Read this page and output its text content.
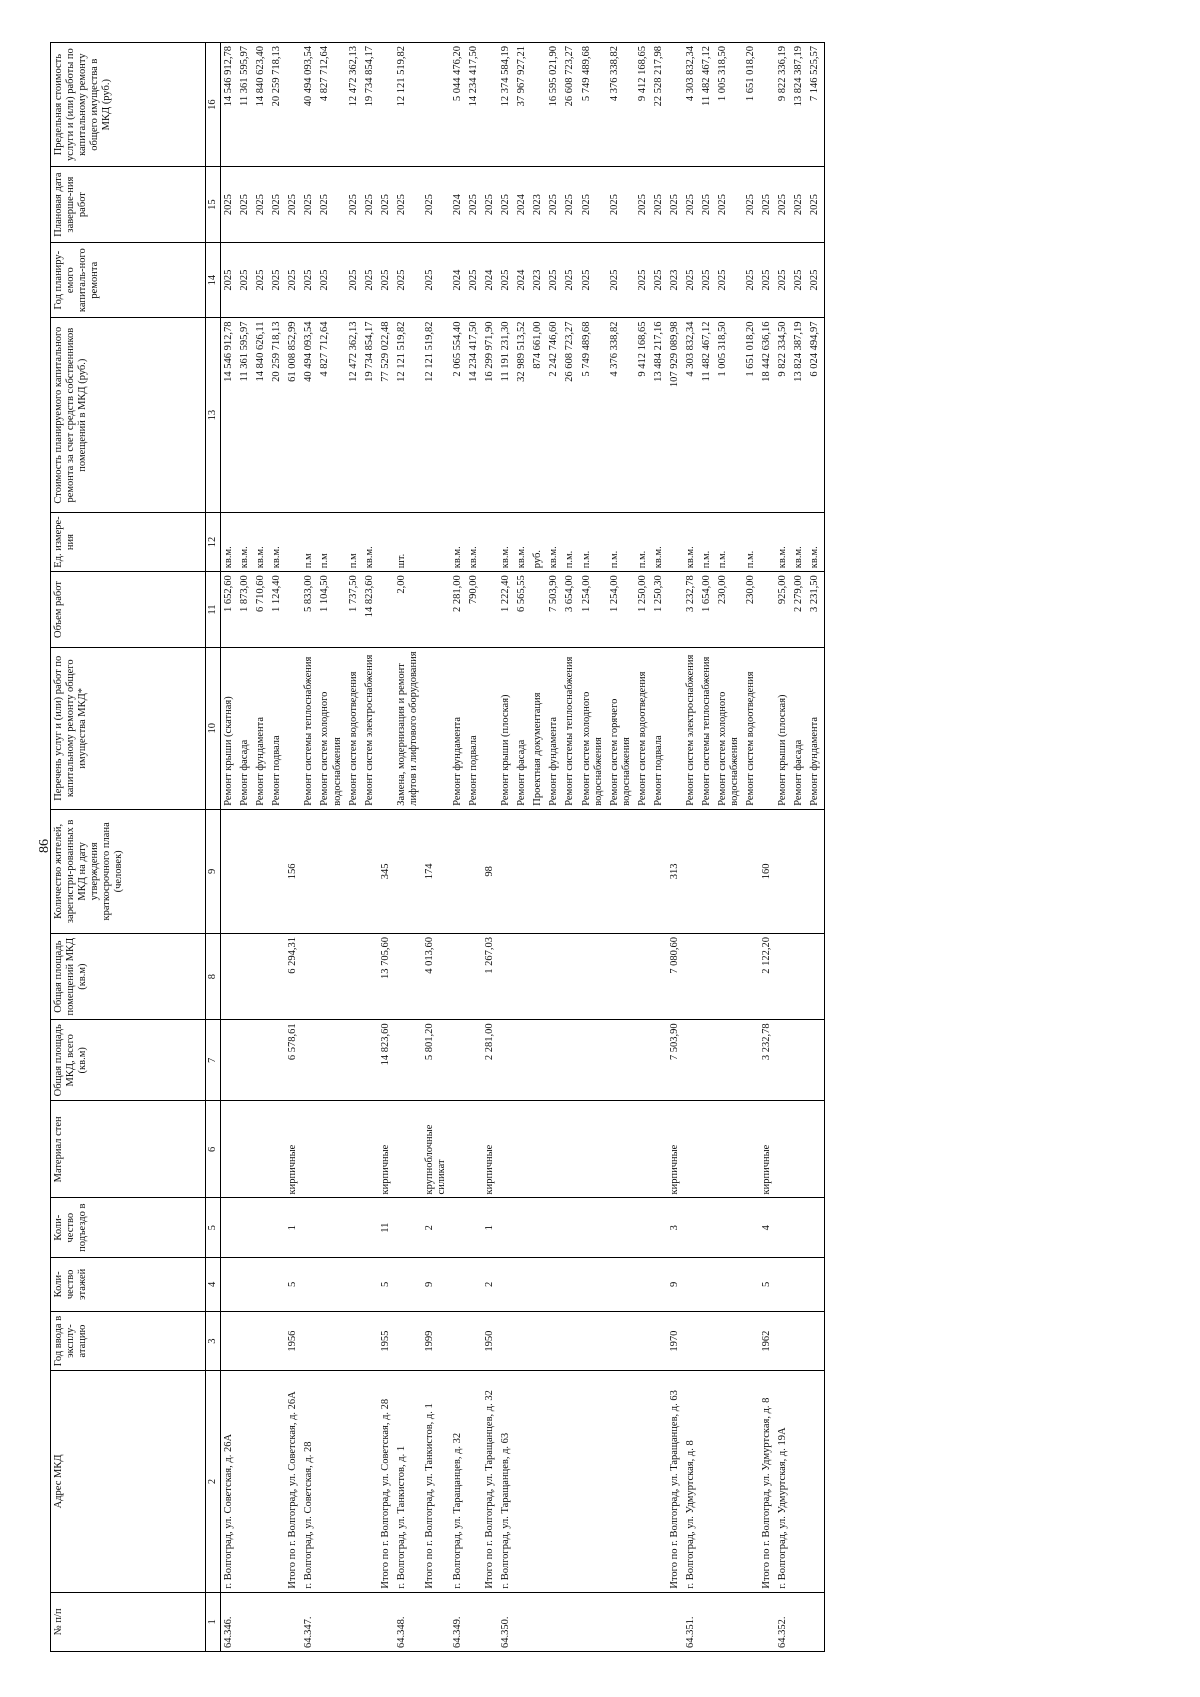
86
№ п/п	Адрес МКД	Год ввода в эксплу-атацию	Коли-чество этажей	Коли-чество подъездо в	Материал стен	Общая площадь МКД, всего (кв.м)	Общая площадь помещений МКД (кв.м)	Количество жителей, зарегистри-рованных в МКД на дату утверждения краткосрочного плана (человек)	Перечень услуг и (или) работ по капитальному ремонту общего имущества МКД*	Объем работ	Ед. измере-ния	Стоимость планируемого капитального ремонта за счет средств собственников помещений в МКД (руб.)	Год планиру-емого капиталь-ного ремонта	Плановая дата заверше-ния работ	Предельная стоимость услуги и (или) работы по капитальному ремонту общего имущества в МКД (руб.)
1	2	3	4	5	6	7	8	9	10	11	12	13	14	15	16
64.346.	г. Волгоград, ул. Советская, д. 26А								Ремонт крыши (скатная)	1 652,60	кв.м.	14 546 912,78	2025	2025	14 546 912,78
									Ремонт фасада	1 873,00	кв.м.	11 361 595,97	2025	2025	11 361 595,97
									Ремонт фундамента	6 710,60	кв.м.	14 840 626,11	2025	2025	14 840 623,40
									Ремонт подвала	1 124,40	кв.м.	20 259 718,13	2025	2025	20 259 718,13
	Итого по г. Волгоград, ул. Советская, д. 26А	1956	5	1	кирпичные	6 578,61	6 294,31	156				61 008 852,99	2025	2025	
64.347.	г. Волгоград, ул. Советская, д. 28								Ремонт системы теплоснабжения	5 833,00	п.м	40 494 093,54	2025	2025	40 494 093,54
									Ремонт систем холодного водоснабжения	1 104,50	п.м	4 827 712,64	2025	2025	4 827 712,64
									Ремонт систем водоотведения	1 737,50	п.м	12 472 362,13	2025	2025	12 472 362,13
									Ремонт систем электроснабжения	14 823,60	кв.м.	19 734 854,17	2025	2025	19 734 854,17
	Итого по г. Волгоград, ул. Советская, д. 28	1955	5	11	кирпичные	14 823,60	13 705,60	345				77 529 022,48	2025	2025	
64.348.	г. Волгоград, ул. Танкистов, д. 1								Замена, модернизация и ремонт лифтов и лифтового оборудования	2,00	шт.	12 121 519,82	2025	2025	12 121 519,82
	Итого по г. Волгоград, ул. Танкистов, д. 1	1999	9	2	крупноблочные силикат	5 801,20	4 013,60	174				12 121 519,82	2025	2025	
64.349.	г. Волгоград, ул. Таращанцев, д. 32								Ремонт фундамента	2 281,00	кв.м.	2 065 554,40	2024	2024	5 044 476,20
									Ремонт подвала	790,00	кв.м.	14 234 417,50	2025	2025	14 234 417,50
	Итого по г. Волгоград, ул. Таращанцев, д. 32	1950	2	1	кирпичные	2 281,00	1 267,03	98				16 299 971,90	2024	2025	
64.350.	г. Волгоград, ул. Таращанцев, д. 63								Ремонт крыши (плоская)	1 222,40	кв.м.	11 191 231,30	2025	2025	12 374 584,19
									Ремонт фасада	6 565,55	кв.м.	32 989 513,52	2024	2024	37 967 927,21
									Проектная документация		руб.	874 661,00	2023	2023	
									Ремонт фундамента	7 503,90	кв.м.	2 242 746,60	2025	2025	16 595 021,90
									Ремонт системы теплоснабжения	3 654,00	п.м.	26 608 723,27	2025	2025	26 608 723,27
									Ремонт систем холодного водоснабжения	1 254,00	п.м.	5 749 489,68	2025	2025	5 749 489,68
									Ремонт систем горячего водоснабжения	1 254,00	п.м.	4 376 338,82	2025	2025	4 376 338,82
									Ремонт систем водоотведения	1 250,00	п.м.	9 412 168,65	2025	2025	9 412 168,65
									Ремонт подвала	1 250,30	кв.м.	13 484 217,16	2025	2025	22 528 217,98
	Итого по г. Волгоград, ул. Таращанцев, д. 63	1970	9	3	кирпичные	7 503,90	7 080,60	313				107 929 089,98	2023	2025	
64.351.	г. Волгоград, ул. Удмуртская, д. 8								Ремонт систем электроснабжения	3 232,78	кв.м.	4 303 832,34	2025	2025	4 303 832,34
									Ремонт системы теплоснабжения	1 654,00	п.м.	11 482 467,12	2025	2025	11 482 467,12
									Ремонт систем холодного водоснабжения	230,00	п.м.	1 005 318,50	2025	2025	1 005 318,50
									Ремонт систем водоотведения	230,00	п.м.	1 651 018,20	2025	2025	1 651 018,20
	Итого по г. Волгоград, ул. Удмуртская, д. 8	1962	5	4	кирпичные	3 232,78	2 122,20	160				18 442 636,16	2025	2025	
64.352.	г. Волгоград, ул. Удмуртская, д. 19А								Ремонт крыши (плоская)	925,00	кв.м.	9 822 334,50	2025	2025	9 822 336,19
									Ремонт фасада	2 279,00	кв.м.	13 824 387,19	2025	2025	13 824 387,19
									Ремонт фундамента	3 231,50	кв.м.	6 024 494,97	2025	2025	7 146 525,57
